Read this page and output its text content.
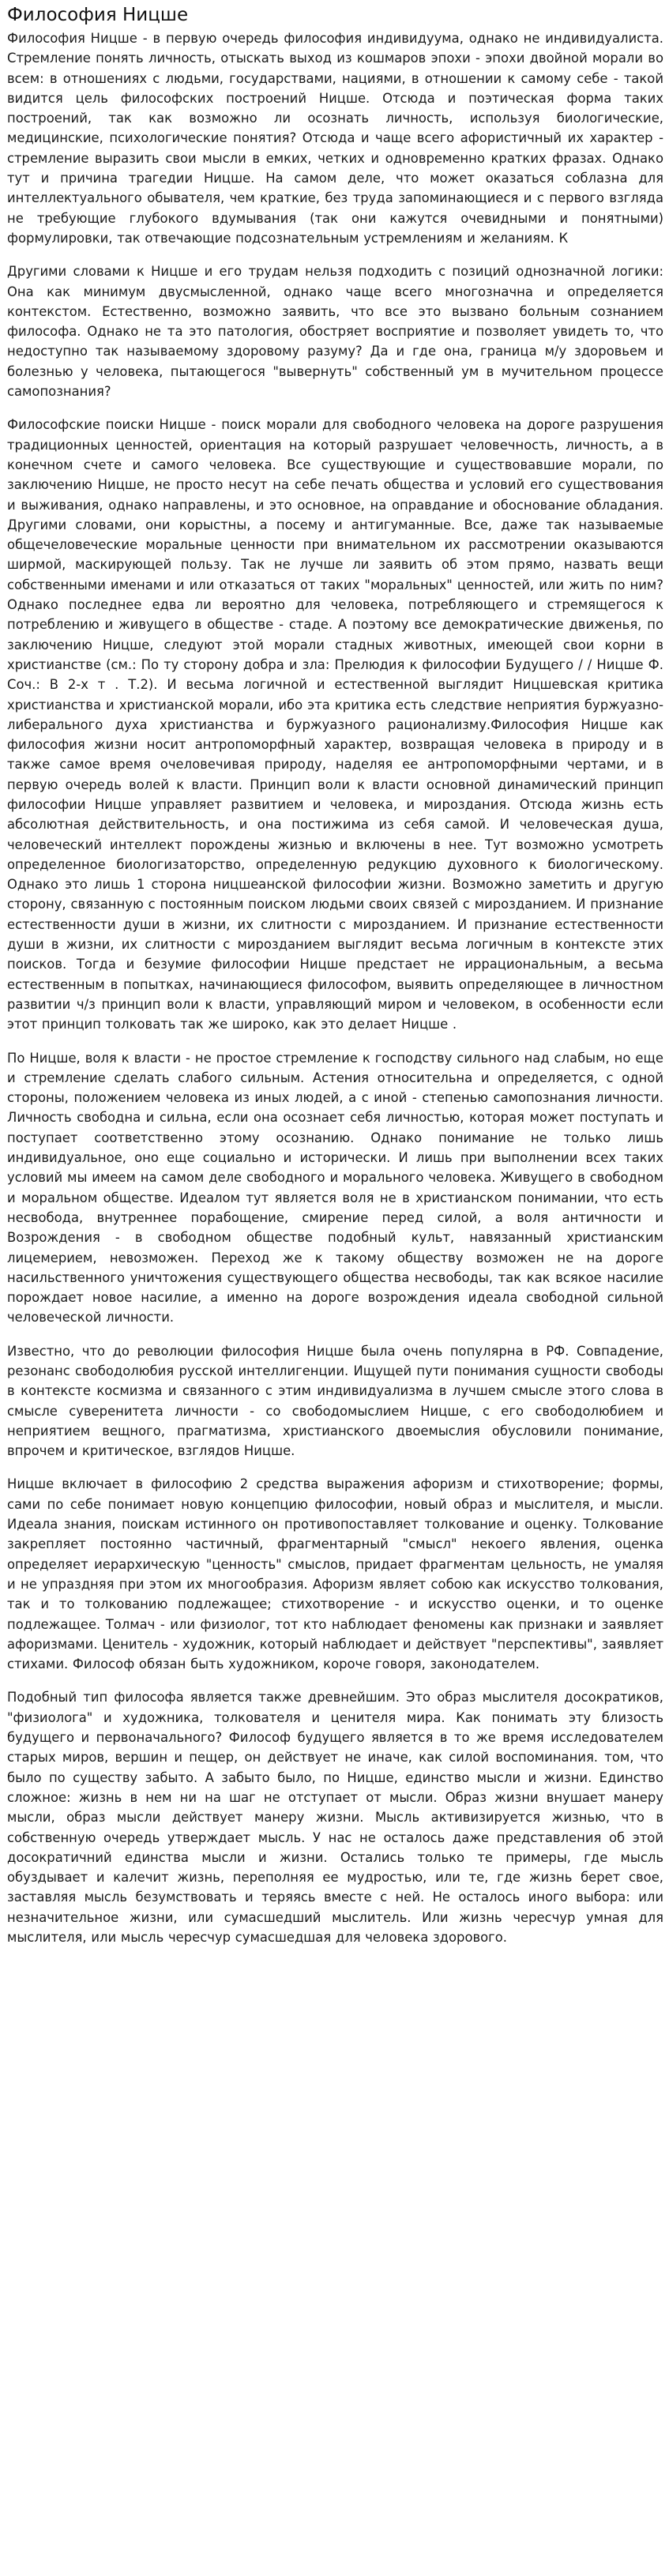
Философия Ницше

Философия Ницше - в первую очередь философия индивидуума, однако не индивидуалиста. Стремление понять личность, отыскать выход из кошмаров эпохи - эпохи двойной морали во всем: в отношениях с людьми, государствами, нациями, в отношении к самому себе - такой видится цель философских построений Ницше. Отсюда и поэтическая форма таких построений, так как возможно ли осознать личность, используя биологические, медицинские, психологические понятия? Отсюда и чаще всего афористичный их характер - стремление выразить свои мысли в емких, четких и одновременно кратких фразах. Однако тут и причина трагедии Ницше. На самом деле, что может оказаться соблазна для интеллектуального обывателя, чем краткие, без труда запоминающиеся и с первого взгляда не требующие глубокого вдумывания (так они кажутся очевидными и понятными) формулировки, так отвечающие подсознательным устремлениям и желаниям. К

Другими словами к Ницше и его трудам нельзя подходить с позиций однозначной логики: Она как минимум двусмысленной, однако чаще всего многозначна и определяется контекстом. Естественно, возможно заявить, что все это вызвано больным сознанием философа. Однако не та это патология, обостряет восприятие и позволяет увидеть то, что недоступно так называемому здоровому разуму? Да и где она, граница м/у здоровьем и болезнью у человека, пытающегося "вывернуть" собственный ум в мучительном процессе самопознания?

Философские поиски Ницше - поиск морали для свободного человека на дороге разрушения традиционных ценностей, ориентация на который разрушает человечность, личность, а в конечном счете и самого человека. Все существующие и существовавшие морали, по заключению Ницше, не просто несут на себе печать общества и условий его существования и выживания, однако направлены, и это основное, на оправдание и обоснование обладания. Другими словами, они корыстны, а посему и антигуманные. Все, даже так называемые общечеловеческие моральные ценности при внимательном их рассмотрении оказываются ширмой, маскирующей пользу. Так не лучше ли заявить об этом прямо, назвать вещи собственными именами и или отказаться от таких "моральных" ценностей, или жить по ним? Однако последнее едва ли вероятно для человека, потребляющего и стремящегося к потреблению и живущего в обществе - стаде. А поэтому все демократические движенья, по заключению Ницше, следуют этой морали стадных животных, имеющей свои корни в христианстве (см.: По ту сторону добра и зла: Прелюдия к философии Будущего / / Ницше Ф. Соч.: В 2-х т . Т.2). И весьма логичной и естественной выглядит Ницшевская критика христианства и христианской морали, ибо эта критика есть следствие неприятия буржуазно-либерального духа христианства и буржуазного рационализму.Философия Ницше как философия жизни носит антропоморфный характер, возвращая человека в природу и в также самое время очеловечивая природу, наделяя ее антропоморфными чертами, и в первую очередь волей к власти. Принцип воли к власти основной динамический принцип философии Ницше управляет развитием и человека, и мироздания. Отсюда жизнь есть абсолютная действительность, и она постижима из себя самой. И человеческая душа, человеческий интеллект порождены жизнью и включены в нее. Тут возможно усмотреть определенное биологизаторство, определенную редукцию духовного к биологическому. Однако это лишь 1 сторона ницшеанской философии жизни. Возможно заметить и другую сторону, связанную с постоянным поиском людьми своих связей с мирозданием. И признание естественности души в жизни, их слитности с мирозданием. И признание естественности души в жизни, их слитности с мирозданием выглядит весьма логичным в контексте этих поисков. Тогда и безумие философии Ницше предстает не иррациональным, а весьма естественным в попытках, начинающиеся философом, выявить определяющее в личностном развитии ч/з принцип воли к власти, управляющий миром и человеком, в особенности если этот принцип толковать так же широко, как это делает Ницше .

По Ницше, воля к власти - не простое стремление к господству сильного над слабым, но еще и стремление сделать слабого сильным. Астения относительна и определяется, с одной стороны, положением человека из иных людей, а с иной - степенью самопознания личности. Личность свободна и сильна, если она осознает себя личностью, которая может поступать и поступает соответственно этому осознанию. Однако понимание не только лишь индивидуальное, оно еще социально и исторически. И лишь при выполнении всех таких условий мы имеем на самом деле свободного и морального человека. Живущего в свободном и моральном обществе. Идеалом тут является воля не в христианском понимании, что есть несвобода, внутреннее порабощение, смирение перед силой, а воля античности и Возрождения - в свободном обществе подобный культ, навязанный христианским лицемерием, невозможен. Переход же к такому обществу возможен не на дороге насильственного уничтожения существующего общества несвободы, так как всякое насилие порождает новое насилие, а именно на дороге возрождения идеала свободной сильной человеческой личности.

Известно, что до революции философия Ницше была очень популярна в РФ. Совпадение, резонанс свободолюбия русской интеллигенции. Ищущей пути понимания сущности свободы в контексте космизма и связанного с этим индивидуализма в лучшем смысле этого слова в смысле суверенитета личности - со свободомыслием Ницше, с его свободолюбием и неприятием вещного, прагматизма, христианского двоемыслия обусловили понимание, впрочем и критическое, взглядов Ницше.

Ницше включает в философию 2 средства выражения афоризм и стихотворение; формы, сами по себе понимает новую концепцию философии, новый образ и мыслителя, и мысли. Идеала знания, поискам истинного он противопоставляет толкование и оценку. Толкование закрепляет постоянно частичный, фрагментарный "смысл" некоего явления, оценка определяет иерархическую "ценность" смыслов, придает фрагментам цельность, не умаляя и не упраздняя при этом их многообразия. Афоризм являет собою как искусство толкования, так и то толкованию подлежащее; стихотворение - и искусство оценки, и то оценке подлежащее. Толмач - или физиолог, тот кто наблюдает феномены как признаки и заявляет афоризмами. Ценитель - художник, который наблюдает и действует "перспективы", заявляет стихами. Философ обязан быть художником, короче говоря, законодателем.

Подобный тип философа является также древнейшим. Это образ мыслителя досократиков, "физиолога" и художника, толкователя и ценителя мира. Как понимать эту близость будущего и первоначального? Философ будущего является в то же время исследователем старых миров, вершин и пещер, он действует не иначе, как силой воспоминания. том, что было по существу забыто. А забыто было, по Ницше, единство мысли и жизни. Единство сложное: жизнь в нем ни на шаг не отступает от мысли. Образ жизни внушает манеру мысли, образ мысли действует манеру жизни. Мысль активизируется жизнью, что в собственную очередь утверждает мысль. У нас не осталось даже представления об этой досократичний единства мысли и жизни. Остались только те примеры, где мысль обуздывает и калечит жизнь, переполняя ее мудростью, или те, где жизнь берет свое, заставляя мысль безумствовать и теряясь вместе с ней. Не осталось иного выбора: или незначительное жизни, или сумасшедший мыслитель. Или жизнь чересчур умная для мыслителя, или мысль чересчур сумасшедшая для человека здорового.
